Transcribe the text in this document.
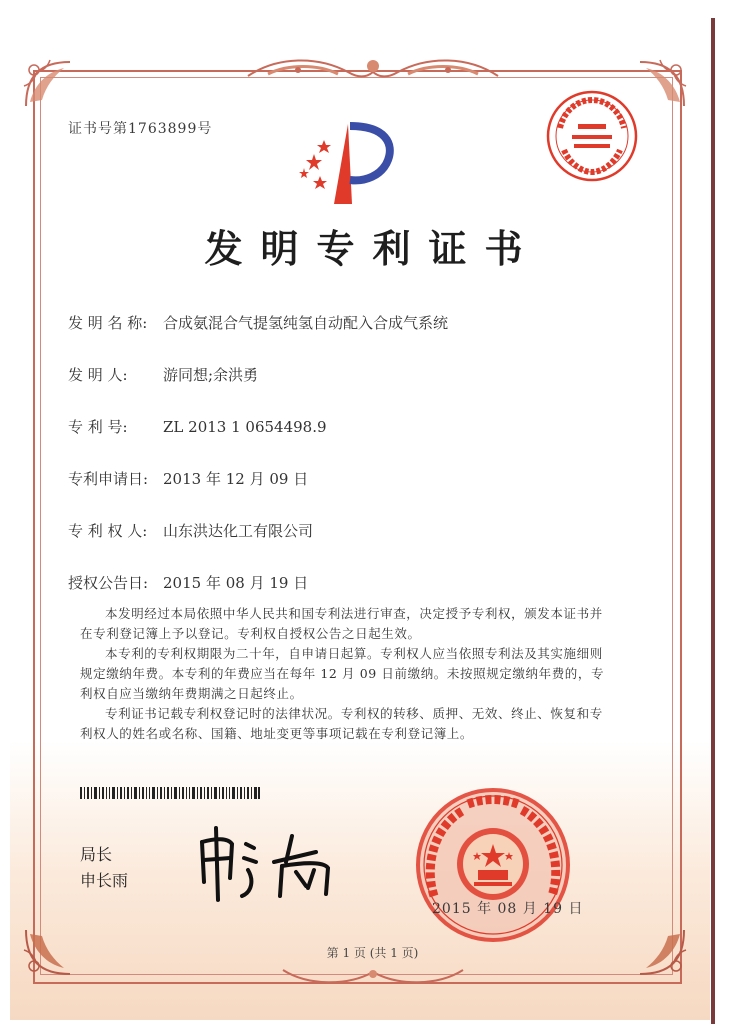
证书号第1763899号
发明专利证书
发 明 名 称: 合成氨混合气提氢纯氢自动配入合成气系统
发 明 人: 游同想;余洪勇
专 利 号: ZL 2013 1 0654498.9
专利申请日: 2013 年 12 月 09 日
专 利 权 人: 山东洪达化工有限公司
授权公告日: 2015 年 08 月 19 日

本发明经过本局依照中华人民共和国专利法进行审查，决定授予专利权，颁发本证书并在专利登记簿上予以登记。专利权自授权公告之日起生效。

本专利的专利权期限为二十年，自申请日起算。专利权人应当依照专利法及其实施细则规定缴纳年费。本专利的年费应当在每年 12 月 09 日前缴纳。未按照规定缴纳年费的，专利权自应当缴纳年费期满之日起终止。

专利证书记载专利权登记时的法律状况。专利权的转移、质押、无效、终止、恢复和专利权人的姓名或名称、国籍、地址变更等事项记载在专利登记簿上。

局长
申长雨
2015 年 08 月 19 日
第 1 页 (共 1 页)
